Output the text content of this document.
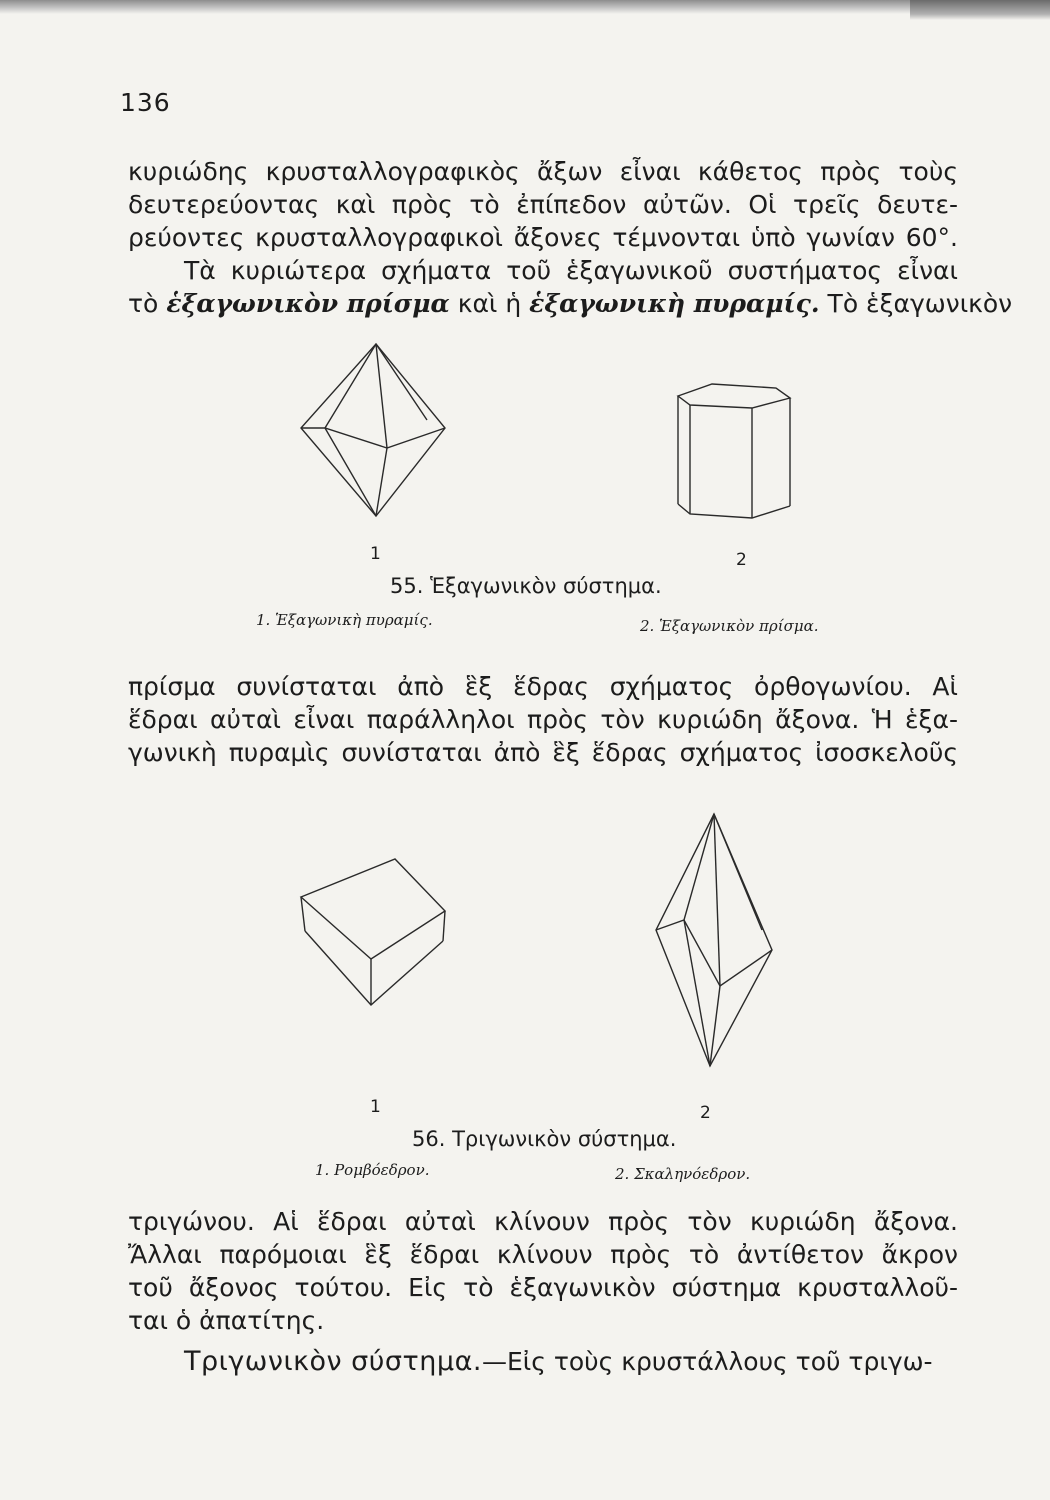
136
κυριώδης κρυσταλλογραφικὸς ἄξων εἶναι κάθετος πρὸς τοὺς
δευτερεύοντας καὶ πρὸς τὸ ἐπίπεδον αὐτῶν. Οἱ τρεῖς δευτε-
ρεύοντες κρυσταλλογραφικοὶ ἄξονες τέμνονται ὑπὸ γωνίαν 60°.
Τὰ κυριώτερα σχήματα τοῦ ἑξαγωνικοῦ συστήματος εἶναι
τὸ ἑξαγωνικὸν πρίσμα καὶ ἡ ἑξαγωνικὴ πυραμίς. Τὸ ἑξαγωνικὸν
1	2
55. Ἑξαγωνικὸν σύστημα.
1. Ἑξαγωνικὴ πυραμίς.	2. Ἑξαγωνικὸν πρίσμα.
πρίσμα συνίσταται ἀπὸ ἓξ ἕδρας σχήματος ὀρθογωνίου. Αἱ
ἕδραι αὐταὶ εἶναι παράλληλοι πρὸς τὸν κυριώδη ἄξονα. Ἡ ἑξα-
γωνικὴ πυραμὶς συνίσταται ἀπὸ ἓξ ἕδρας σχήματος ἰσοσκελοῦς
1	2
56. Τριγωνικὸν σύστημα.
1. Ρομβόεδρον.	2. Σκαληνόεδρον.
τριγώνου. Αἱ ἕδραι αὐταὶ κλίνουν πρὸς τὸν κυριώδη ἄξονα.
Ἄλλαι παρόμοιαι ἓξ ἕδραι κλίνουν πρὸς τὸ ἀντίθετον ἄκρον
τοῦ ἄξονος τούτου. Εἰς τὸ ἑξαγωνικὸν σύστημα κρυσταλλοῦ-
ται ὁ ἀπατίτης.
Τριγωνικὸν σύστημα.—Εἰς τοὺς κρυστάλλους τοῦ τριγω-
